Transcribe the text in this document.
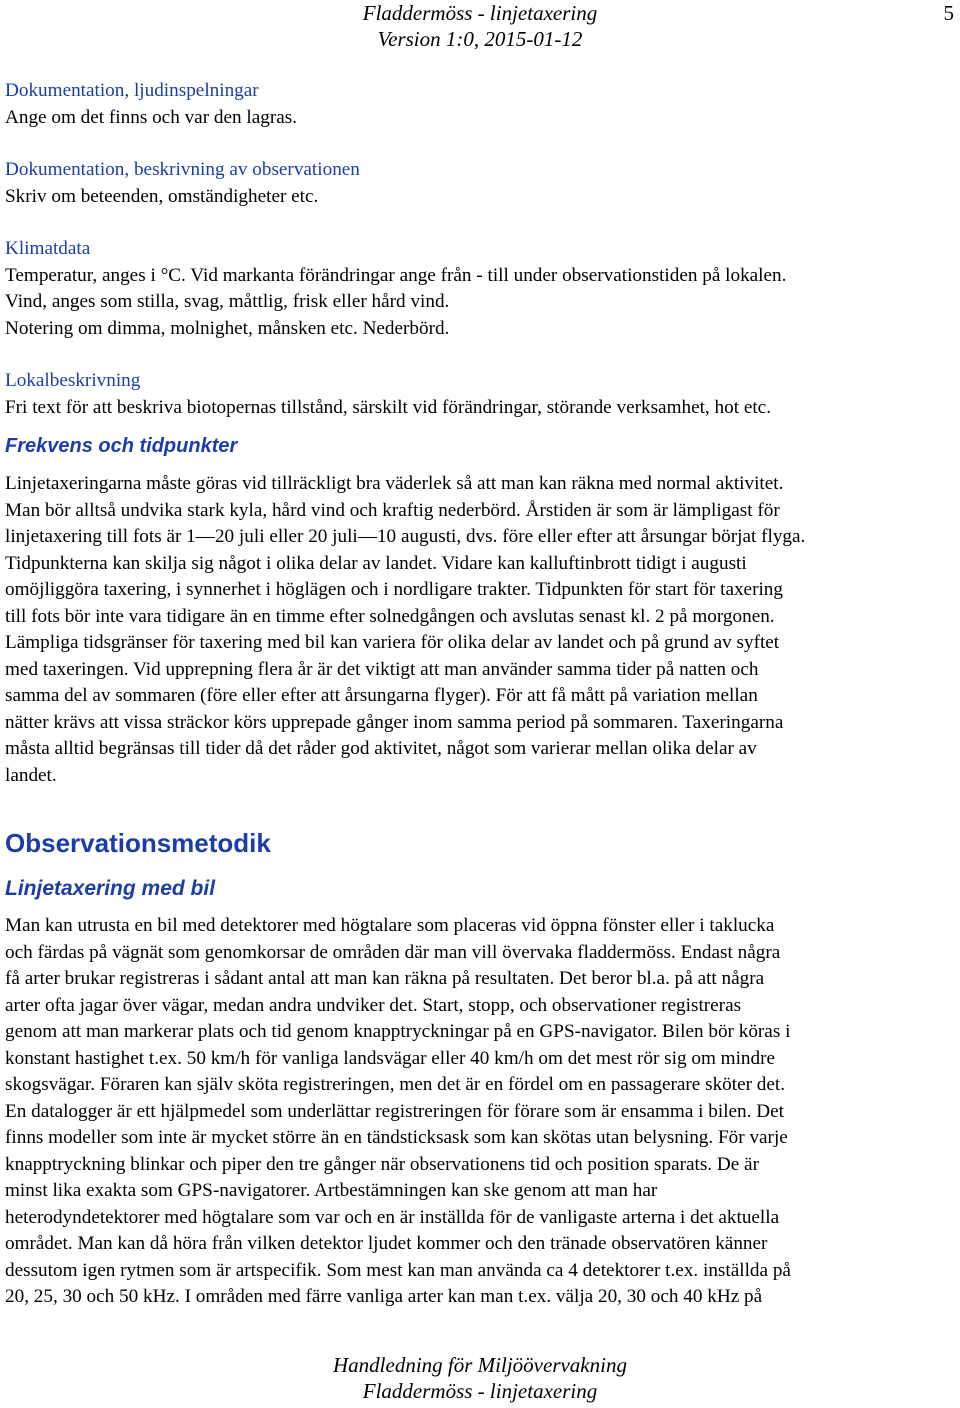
Fladdermöss - linjetaxering
Version 1:0, 2015-01-12
5
Dokumentation, ljudinspelningar
Ange om det finns och var den lagras.
Dokumentation, beskrivning av observationen
Skriv om beteenden, omständigheter etc.
Klimatdata
Temperatur, anges i °C. Vid markanta förändringar ange från - till under observationstiden på lokalen.
Vind, anges som stilla, svag, måttlig, frisk eller hård vind.
Notering om dimma, molnighet, månsken etc. Nederbörd.
Lokalbeskrivning
Fri text för att beskriva biotopernas tillstånd, särskilt vid förändringar, störande verksamhet, hot etc.
Frekvens och tidpunkter
Linjetaxeringarna måste göras vid tillräckligt bra väderlek så att man kan räkna med normal aktivitet.
Man bör alltså undvika stark kyla, hård vind och kraftig nederbörd. Årstiden är som är lämpligast för
linjetaxering till fots är 1—20 juli eller 20 juli—10 augusti, dvs. före eller efter att årsungar börjat flyga.
Tidpunkterna kan skilja sig något i olika delar av landet. Vidare kan kalluftinbrott tidigt i augusti
omöjliggöra taxering, i synnerhet i höglägen och i nordligare trakter. Tidpunkten för start för taxering
till fots bör inte vara tidigare än en timme efter solnedgången och avslutas senast kl. 2 på morgonen.
Lämpliga tidsgränser för taxering med bil kan variera för olika delar av landet och på grund av syftet
med taxeringen. Vid upprepning flera år är det viktigt att man använder samma tider på natten och
samma del av sommaren (före eller efter att årsungarna flyger). För att få mått på variation mellan
nätter krävs att vissa sträckor körs upprepade gånger inom samma period på sommaren. Taxeringarna
måsta alltid begränsas till tider då det råder god aktivitet, något som varierar mellan olika delar av
landet.
Observationsmetodik
Linjetaxering med bil
Man kan utrusta en bil med detektorer med högtalare som placeras vid öppna fönster eller i taklucka
och färdas på vägnät som genomkorsar de områden där man vill övervaka fladdermöss. Endast några
få arter brukar registreras i sådant antal att man kan räkna på resultaten. Det beror bl.a. på att några
arter ofta jagar över vägar, medan andra undviker det. Start, stopp, och observationer registreras
genom att man markerar plats och tid genom knapptryckningar på en GPS-navigator. Bilen bör köras i
konstant hastighet t.ex. 50 km/h för vanliga landsvägar eller 40 km/h om det mest rör sig om mindre
skogsvägar. Föraren kan själv sköta registreringen, men det är en fördel om en passagerare sköter det.
En datalogger är ett hjälpmedel som underlättar registreringen för förare som är ensamma i bilen. Det
finns modeller som inte är mycket större än en tändsticksask som kan skötas utan belysning. För varje
knapptryckning blinkar och piper den tre gånger när observationens tid och position sparats. De är
minst lika exakta som GPS-navigatorer. Artbestämningen kan ske genom att man har
heterodyndetektorer med högtalare som var och en är inställda för de vanligaste arterna i det aktuella
området. Man kan då höra från vilken detektor ljudet kommer och den tränade observatören känner
dessutom igen rytmen som är artspecifik. Som mest kan man använda ca 4 detektorer t.ex. inställda på
20, 25, 30 och 50 kHz. I områden med färre vanliga arter kan man t.ex. välja 20, 30 och 40 kHz på
Handledning för Miljöövervakning
Fladdermöss - linjetaxering
